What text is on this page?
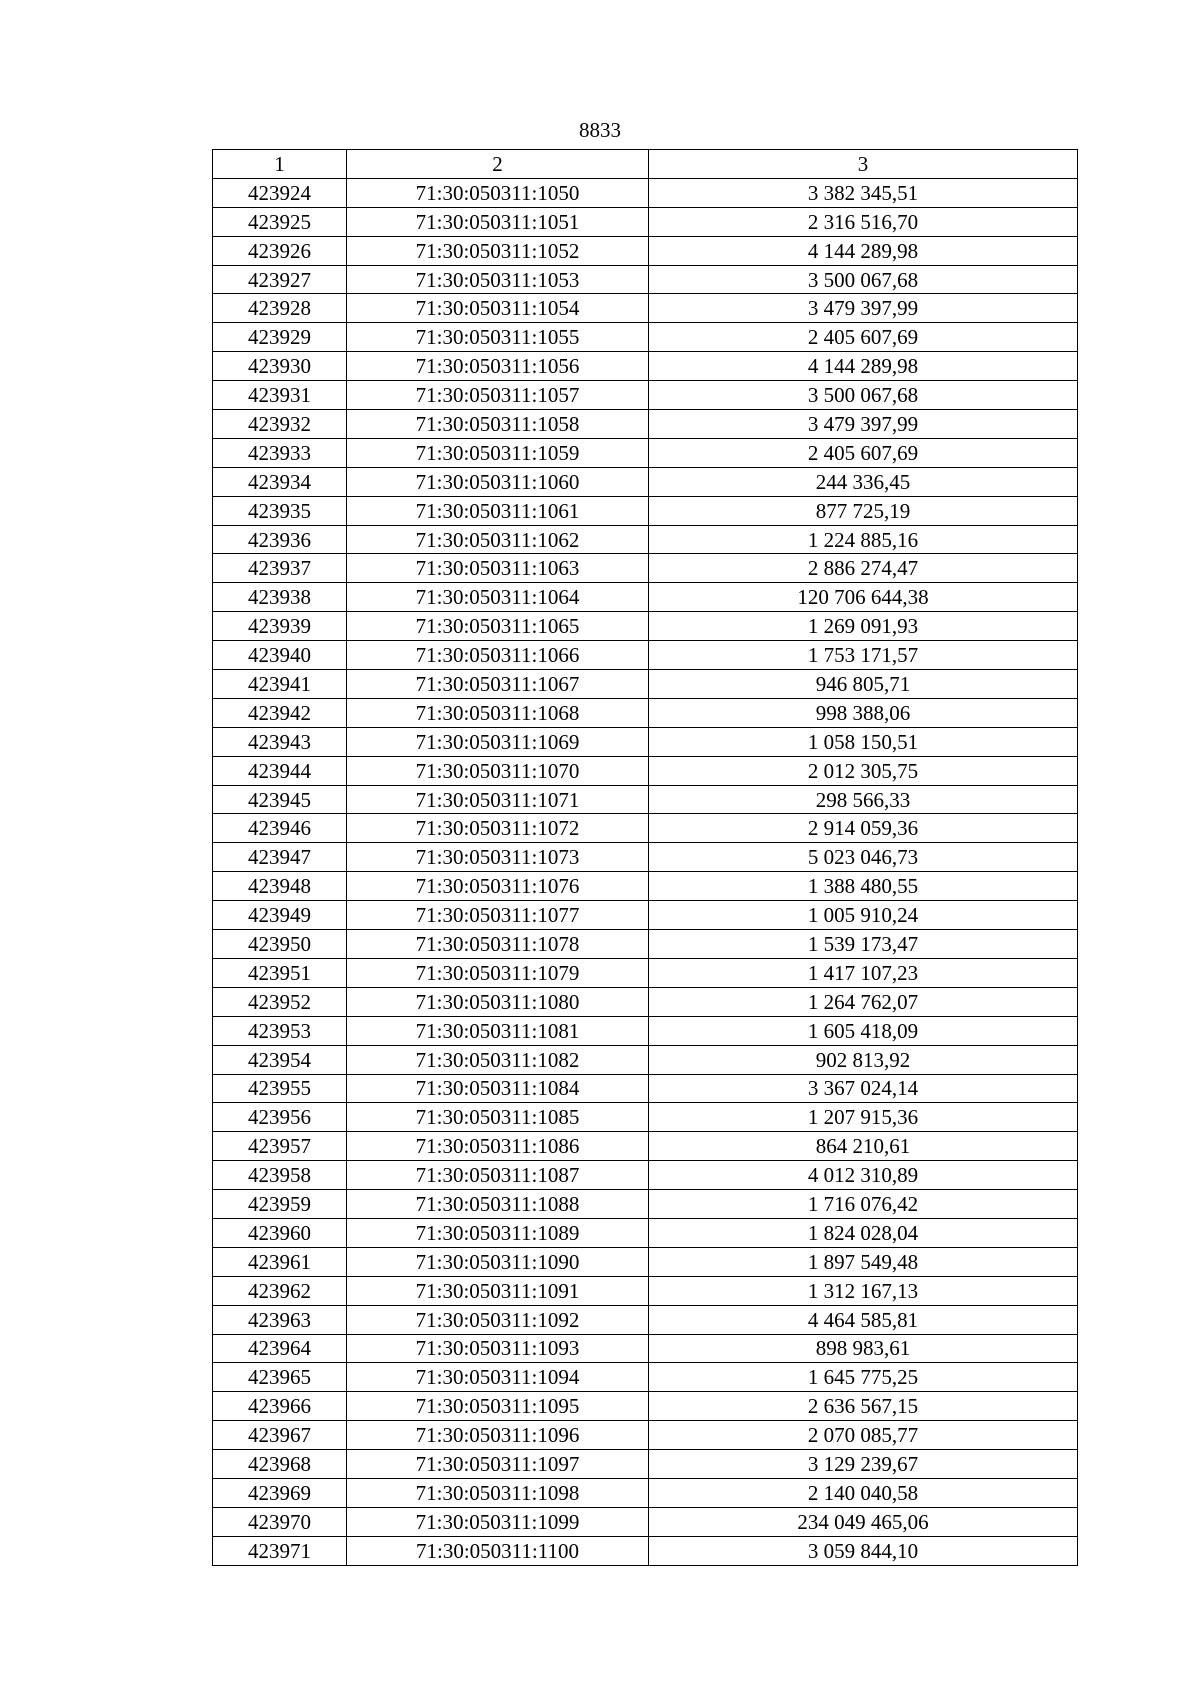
8833
1	2	3
423924	71:30:050311:1050	3 382 345,51
423925	71:30:050311:1051	2 316 516,70
423926	71:30:050311:1052	4 144 289,98
423927	71:30:050311:1053	3 500 067,68
423928	71:30:050311:1054	3 479 397,99
423929	71:30:050311:1055	2 405 607,69
423930	71:30:050311:1056	4 144 289,98
423931	71:30:050311:1057	3 500 067,68
423932	71:30:050311:1058	3 479 397,99
423933	71:30:050311:1059	2 405 607,69
423934	71:30:050311:1060	244 336,45
423935	71:30:050311:1061	877 725,19
423936	71:30:050311:1062	1 224 885,16
423937	71:30:050311:1063	2 886 274,47
423938	71:30:050311:1064	120 706 644,38
423939	71:30:050311:1065	1 269 091,93
423940	71:30:050311:1066	1 753 171,57
423941	71:30:050311:1067	946 805,71
423942	71:30:050311:1068	998 388,06
423943	71:30:050311:1069	1 058 150,51
423944	71:30:050311:1070	2 012 305,75
423945	71:30:050311:1071	298 566,33
423946	71:30:050311:1072	2 914 059,36
423947	71:30:050311:1073	5 023 046,73
423948	71:30:050311:1076	1 388 480,55
423949	71:30:050311:1077	1 005 910,24
423950	71:30:050311:1078	1 539 173,47
423951	71:30:050311:1079	1 417 107,23
423952	71:30:050311:1080	1 264 762,07
423953	71:30:050311:1081	1 605 418,09
423954	71:30:050311:1082	902 813,92
423955	71:30:050311:1084	3 367 024,14
423956	71:30:050311:1085	1 207 915,36
423957	71:30:050311:1086	864 210,61
423958	71:30:050311:1087	4 012 310,89
423959	71:30:050311:1088	1 716 076,42
423960	71:30:050311:1089	1 824 028,04
423961	71:30:050311:1090	1 897 549,48
423962	71:30:050311:1091	1 312 167,13
423963	71:30:050311:1092	4 464 585,81
423964	71:30:050311:1093	898 983,61
423965	71:30:050311:1094	1 645 775,25
423966	71:30:050311:1095	2 636 567,15
423967	71:30:050311:1096	2 070 085,77
423968	71:30:050311:1097	3 129 239,67
423969	71:30:050311:1098	2 140 040,58
423970	71:30:050311:1099	234 049 465,06
423971	71:30:050311:1100	3 059 844,10
